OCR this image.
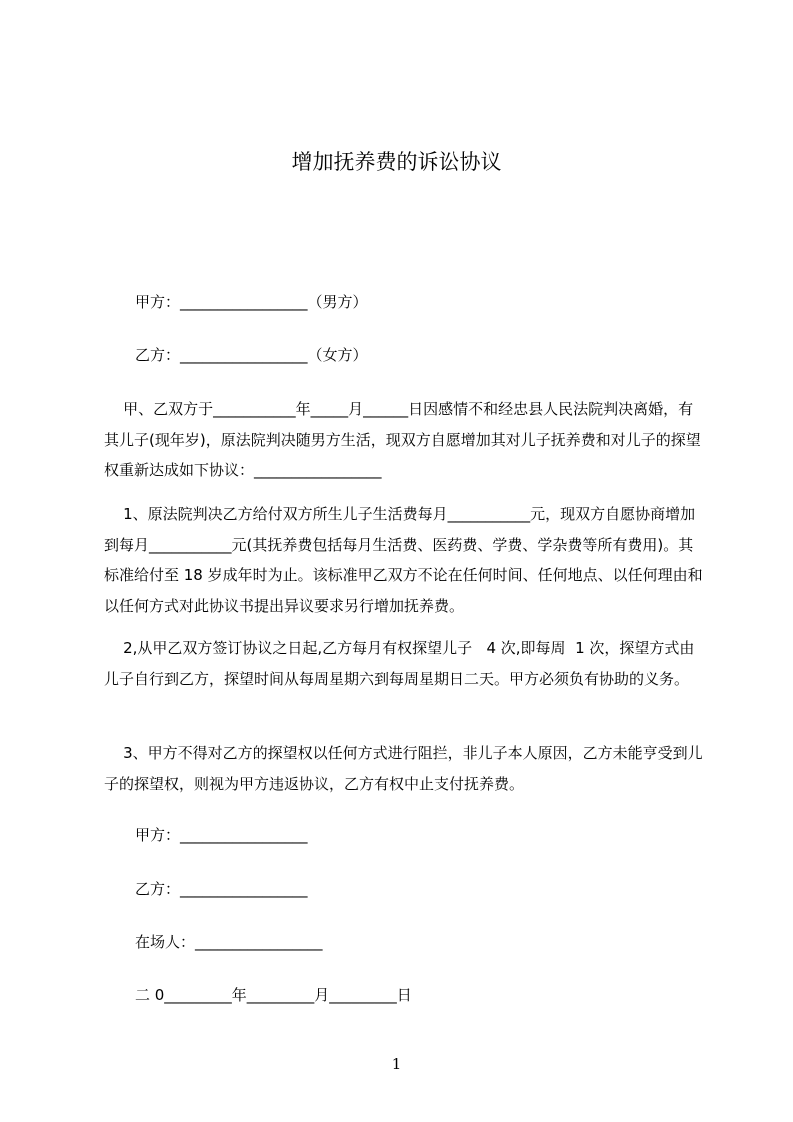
增加抚养费的诉讼协议
甲方：_________________（男方）
乙方：_________________（女方）
甲、乙双方于___________年_____月______日因感情不和经忠县人民法院判决离婚，有其儿子(现年岁)，原法院判决随男方生活，现双方自愿增加其对儿子抚养费和对儿子的探望权重新达成如下协议：_________________
1、原法院判决乙方给付双方所生儿子生活费每月___________元，现双方自愿协商增加到每月___________元(其抚养费包括每月生活费、医药费、学费、学杂费等所有费用)。其标准给付至 18 岁成年时为止。该标准甲乙双方不论在任何时间、任何地点、以任何理由和以任何方式对此协议书提出异议要求另行增加抚养费。
2,从甲乙双方签订协议之日起,乙方每月有权探望儿子   4 次,即每周  1 次，探望方式由儿子自行到乙方，探望时间从每周星期六到每周星期日二天。甲方必须负有协助的义务。
3、甲方不得对乙方的探望权以任何方式进行阻拦，非儿子本人原因，乙方未能亨受到儿子的探望权，则视为甲方违返协议，乙方有权中止支付抚养费。
甲方：_________________
乙方：_________________
在场人：_________________
二 0_________年_________月_________日
1
